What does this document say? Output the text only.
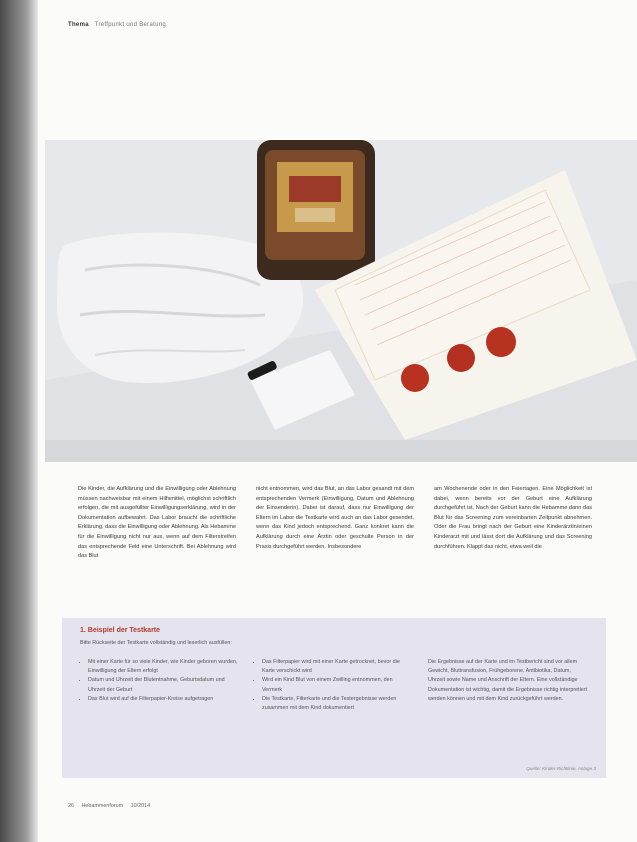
Thema Treffpunkt und Beratung

Die Kinder, die Aufklärung und die Einwilligung oder Ablehnung müssen nachweisbar mit einem Hilfsmittel, möglichst schriftlich erfolgen, die mit ausgefüllter Einwilligungserklärung, wird in der Dokumentation aufbewahrt. Das Labor braucht die schriftliche Erklärung, dass die Einwilligung oder Ablehnung. Als Hebamme für die Einwilligung nicht nur aus, wenn auf dem Filterstreifen das entsprechende Feld eine Unterschrift. Bei Ablehnung wird das Blut

nicht entnommen, wird das Blut, an das Labor gesandt mit dem entsprechenden Vermerk (Einwilligung, Datum und Ablehnung der Einsenderin). Dabei ist darauf, dass nur Einwilligung der Eltern im Labor die Testkarte wird auch an das Labor gesendet, wenn das Kind jedoch entsprechend. Ganz konkret kann die Aufklärung durch eine Ärztin oder geschulte Person in der Praxis durchgeführt werden. Insbesondere

am Wochenende oder in den Feiertagen. Eine Möglichkeit ist dabei, wenn bereits vor der Geburt eine Aufklärung durchgeführt ist. Nach der Geburt kann die Hebamme dann das Blut für das Screening zum vereinbarten Zeitpunkt abnehmen. Oder die Frau bringt nach der Geburt eine Kinderärztin/einen Kinderarzt mit und lässt dort die Aufklärung und das Screening durchführen. Klappt das nicht, etwa weil die

1. Beispiel der Testkarte
Bitte Rückseite der Testkarte vollständig und leserlich ausfüllen:
• Mit einer Karte für so viele Kinder, wie Kinder geboren wurden, Einwilligung der Eltern erfolgt
• Datum und Uhrzeit der Blutentnahme, Geburtsdatum und Uhrzeit der Geburt
• Das Blut wird auf die Filterpapier-Kreise aufgetragen
• Das Filterpapier wird mit einer Karte getrocknet, bevor die Karte verschickt wird
• Wird ein Kind Blut von einem Zwilling entnommen, den Vermerk
• Die Testkarte, Filterkarte und die Testergebnisse werden zusammen mit dem Kind dokumentiert

Die Ergebnisse auf der Karte und im Testbericht sind vor allem Gewicht, Bluttransfusion, Frühgeborene, Antibiotika, Datum, Uhrzeit sowie Name und Anschrift der Eltern. Eine vollständige Dokumentation ist wichtig, damit die Ergebnisse richtig interpretiert werden können und mit dem Kind zurückgeführt werden.

Quelle: Kinder-Richtlinie, Anlage 3
26 Hebammenforum 10/2014
